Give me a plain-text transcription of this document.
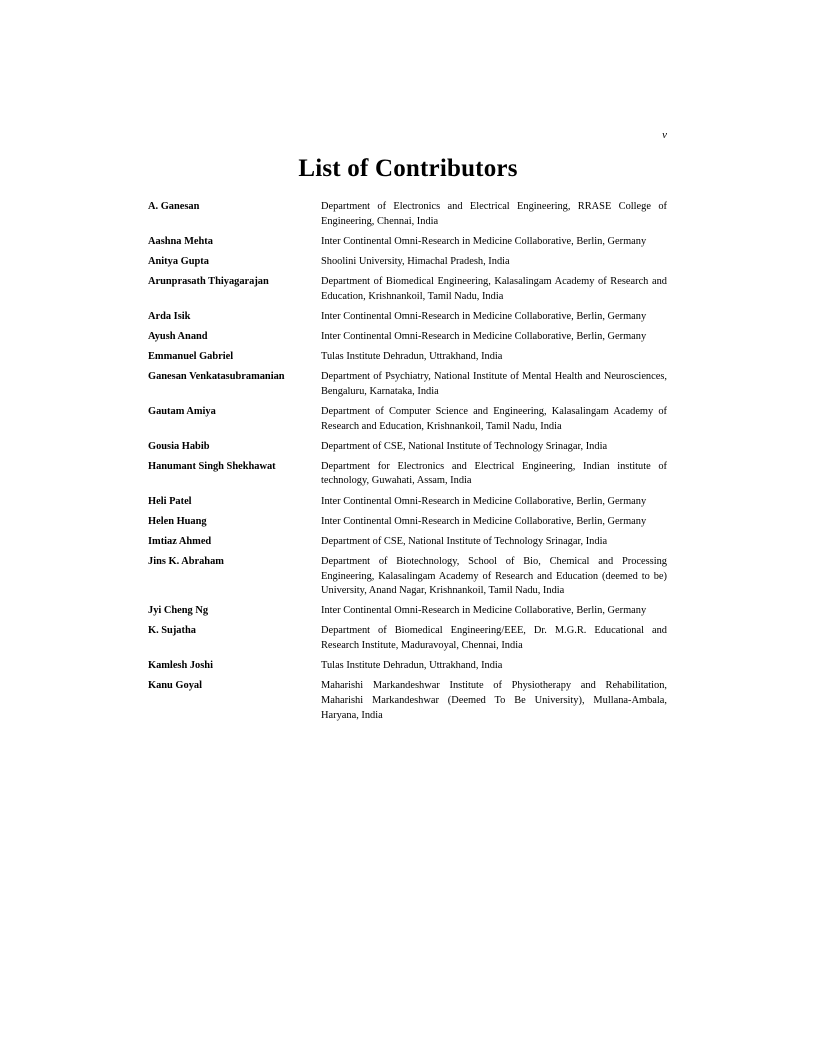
v
List of Contributors
A. Ganesan	Department of Electronics and Electrical Engineering, RRASE College of Engineering, Chennai, India
Aashna Mehta	Inter Continental Omni-Research in Medicine Collaborative, Berlin, Germany
Anitya Gupta	Shoolini University, Himachal Pradesh, India
Arunprasath Thiyagarajan	Department of Biomedical Engineering, Kalasalingam Academy of Research and Education, Krishnankoil, Tamil Nadu, India
Arda Isik	Inter Continental Omni-Research in Medicine Collaborative, Berlin, Germany
Ayush Anand	Inter Continental Omni-Research in Medicine Collaborative, Berlin, Germany
Emmanuel Gabriel	Tulas Institute Dehradun, Uttrakhand, India
Ganesan Venkatasubramanian	Department of Psychiatry, National Institute of Mental Health and Neurosciences, Bengaluru, Karnataka, India
Gautam Amiya	Department of Computer Science and Engineering, Kalasalingam Academy of Research and Education, Krishnankoil, Tamil Nadu, India
Gousia Habib	Department of CSE, National Institute of Technology Srinagar, India
Hanumant Singh Shekhawat	Department for Electronics and Electrical Engineering, Indian institute of technology, Guwahati, Assam, India
Heli Patel	Inter Continental Omni-Research in Medicine Collaborative, Berlin, Germany
Helen Huang	Inter Continental Omni-Research in Medicine Collaborative, Berlin, Germany
Imtiaz Ahmed	Department of CSE, National Institute of Technology Srinagar, India
Jins K. Abraham	Department of Biotechnology, School of Bio, Chemical and Processing Engineering, Kalasalingam Academy of Research and Education (deemed to be) University, Anand Nagar, Krishnankoil, Tamil Nadu, India
Jyi Cheng Ng	Inter Continental Omni-Research in Medicine Collaborative, Berlin, Germany
K. Sujatha	Department of Biomedical Engineering/EEE, Dr. M.G.R. Educational and Research Institute, Maduravoyal, Chennai, India
Kamlesh Joshi	Tulas Institute Dehradun, Uttrakhand, India
Kanu Goyal	Maharishi Markandeshwar Institute of Physiotherapy and Rehabilitation, Maharishi Markandeshwar (Deemed To Be University), Mullana-Ambala, Haryana, India
